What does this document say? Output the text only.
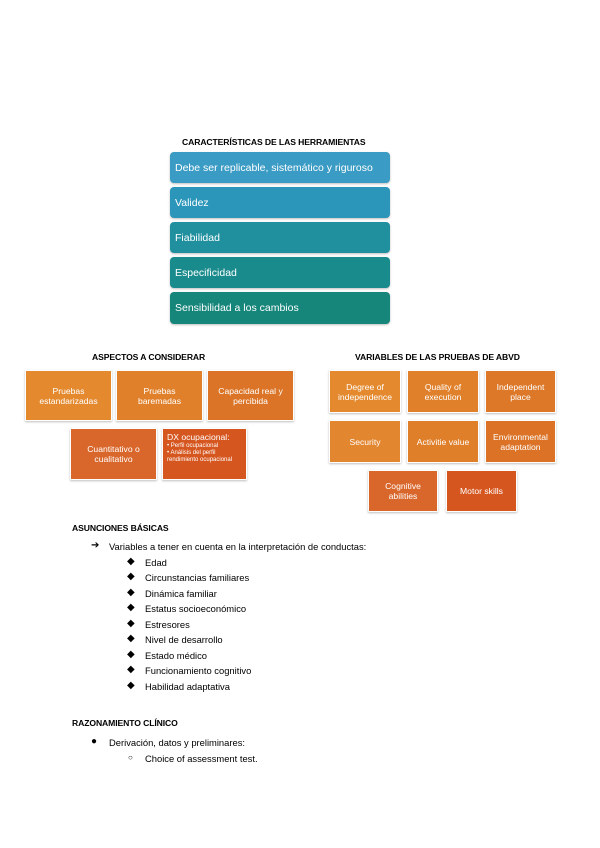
CARACTERÍSTICAS DE LAS HERRAMIENTAS
Debe ser replicable, sistemático y riguroso
Validez
Fiabilidad
Especificidad
Sensibilidad a los cambios
ASPECTOS A CONSIDERAR
Pruebas estandarizadas
Pruebas baremadas
Capacidad real y percibida
Cuantitativo o cualitativo
DX ocupacional:
• Perfil ocupacional
• Análisis del perfil rendimiento ocupacional
VARIABLES DE LAS PRUEBAS DE ABVD
Degree of independence
Quality of execution
Independent place
Security	Activitie value	Environmental adaptation
Cognitive abilities	Motor skills
ASUNCIONES BÁSICAS
➔ Variables a tener en cuenta en la interpretación de conductas:
◆ Edad
◆ Circunstancias familiares
◆ Dinámica familiar
◆ Estatus socioeconómico
◆ Estresores
◆ Nivel de desarrollo
◆ Estado médico
◆ Funcionamiento cognitivo
◆ Habilidad adaptativa
RAZONAMIENTO CLÍNICO
● Derivación, datos y preliminares:
○ Choice of assessment test.
